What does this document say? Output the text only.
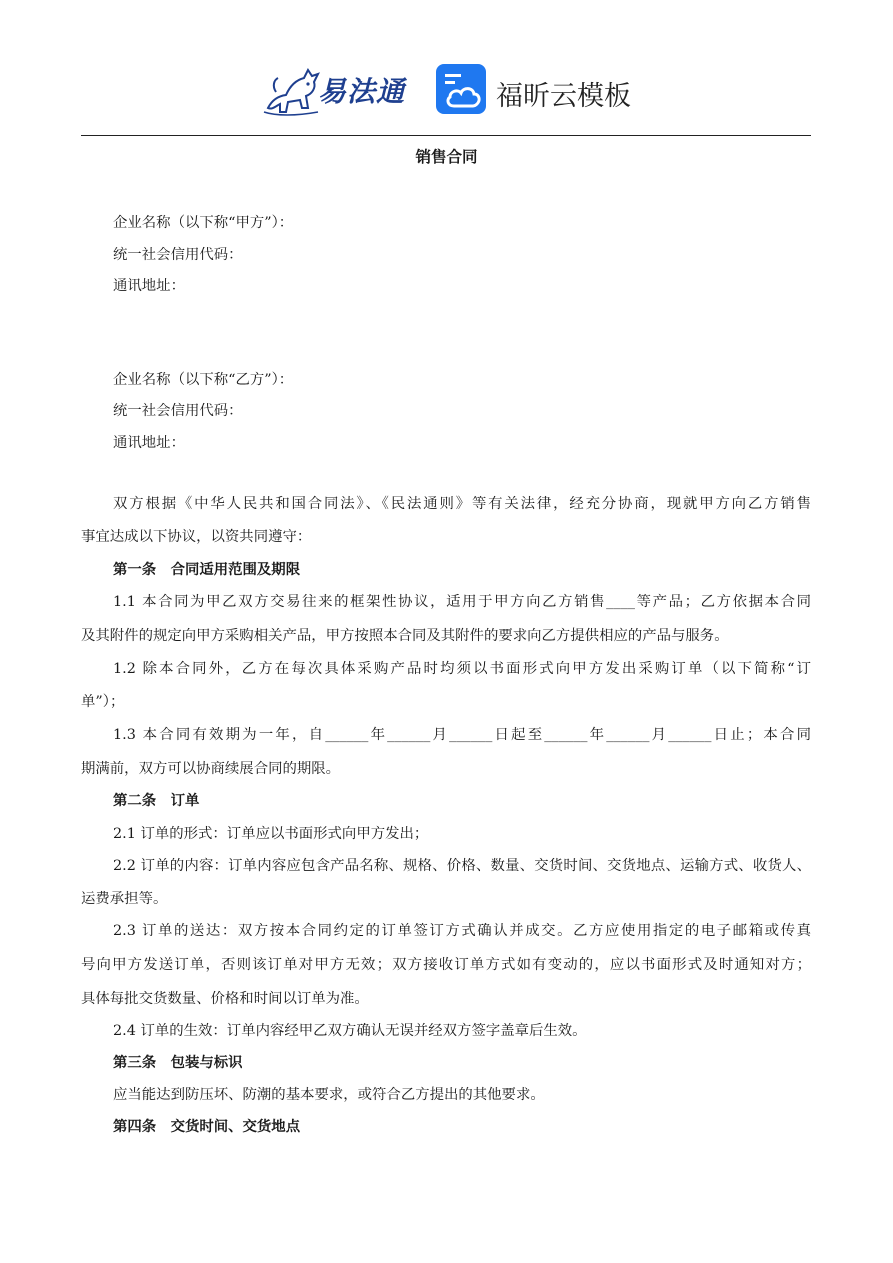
易法通	福昕云模板
销售合同
企业名称（以下称“甲方”）：
统一社会信用代码：
通讯地址：
企业名称（以下称“乙方”）：
统一社会信用代码：
通讯地址：
双方根据《中华人民共和国合同法》、《民法通则》等有关法律，经充分协商，现就甲方向乙方销售
事宜达成以下协议，以资共同遵守：
第一条　合同适用范围及期限
1.1 本合同为甲乙双方交易往来的框架性协议，适用于甲方向乙方销售____等产品；乙方依据本合同
及其附件的规定向甲方采购相关产品，甲方按照本合同及其附件的要求向乙方提供相应的产品与服务。
1.2 除本合同外，乙方在每次具体采购产品时均须以书面形式向甲方发出采购订单（以下简称“订
单”）；
1.3 本合同有效期为一年，自______年______月______日起至______年______月______日止；本合同
期满前，双方可以协商续展合同的期限。
第二条　订单
2.1 订单的形式：订单应以书面形式向甲方发出；
2.2 订单的内容：订单内容应包含产品名称、规格、价格、数量、交货时间、交货地点、运输方式、收货人、
运费承担等。
2.3 订单的送达：双方按本合同约定的订单签订方式确认并成交。乙方应使用指定的电子邮箱或传真
号向甲方发送订单，否则该订单对甲方无效；双方接收订单方式如有变动的，应以书面形式及时通知对方；
具体每批交货数量、价格和时间以订单为准。
2.4 订单的生效：订单内容经甲乙双方确认无误并经双方签字盖章后生效。
第三条　包装与标识
应当能达到防压坏、防潮的基本要求，或符合乙方提出的其他要求。
第四条　交货时间、交货地点
